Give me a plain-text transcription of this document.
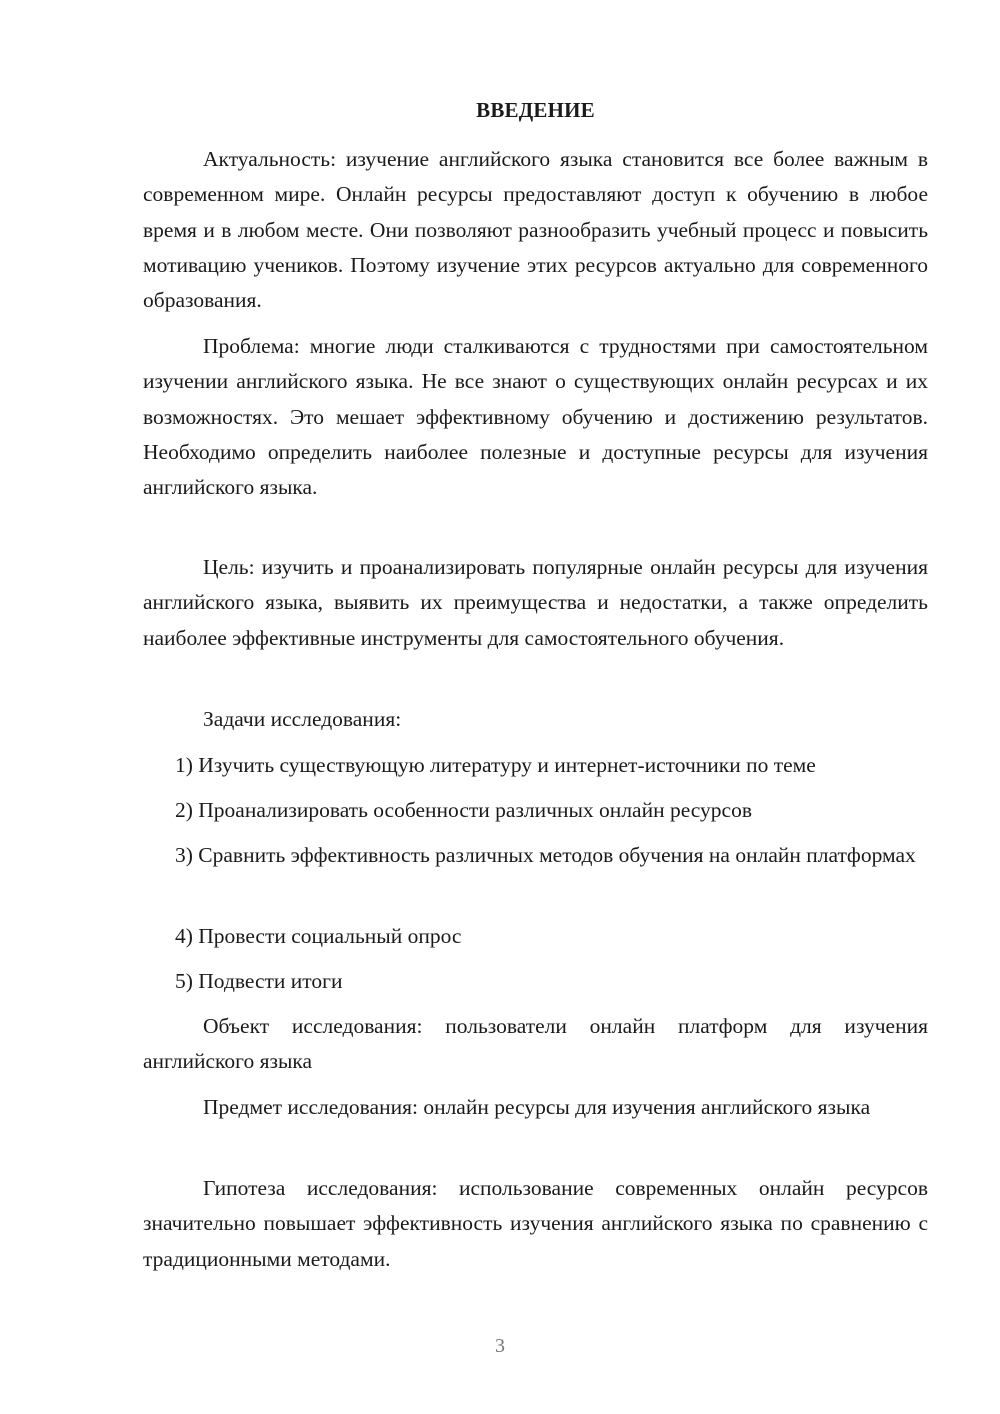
ВВЕДЕНИЕ

Актуальность: изучение английского языка становится все более важным в современном мире. Онлайн ресурсы предоставляют доступ к обучению в любое время и в любом месте. Они позволяют разнообразить учебный процесс и повысить мотивацию учеников. Поэтому изучение этих ресурсов актуально для современного образования.

Проблема: многие люди сталкиваются с трудностями при самостоятельном изучении английского языка. Не все знают о существующих онлайн ресурсах и их возможностях. Это мешает эффективному обучению и достижению результатов. Необходимо определить наиболее полезные и доступные ресурсы для изучения английского языка.

Цель: изучить и проанализировать популярные онлайн ресурсы для изучения английского языка, выявить их преимущества и недостатки, а также определить наиболее эффективные инструменты для самостоятельного обучения.

Задачи исследования:

1) Изучить существующую литературу и интернет-источники по теме

2) Проанализировать особенности различных онлайн ресурсов

3) Сравнить эффективность различных методов обучения на онлайн платформах

4) Провести социальный опрос

5) Подвести итоги

Объект исследования: пользователи онлайн платформ для изучения английского языка

Предмет исследования: онлайн ресурсы для изучения английского языка

Гипотеза исследования: использование современных онлайн ресурсов значительно повышает эффективность изучения английского языка по сравнению с традиционными методами.

3
